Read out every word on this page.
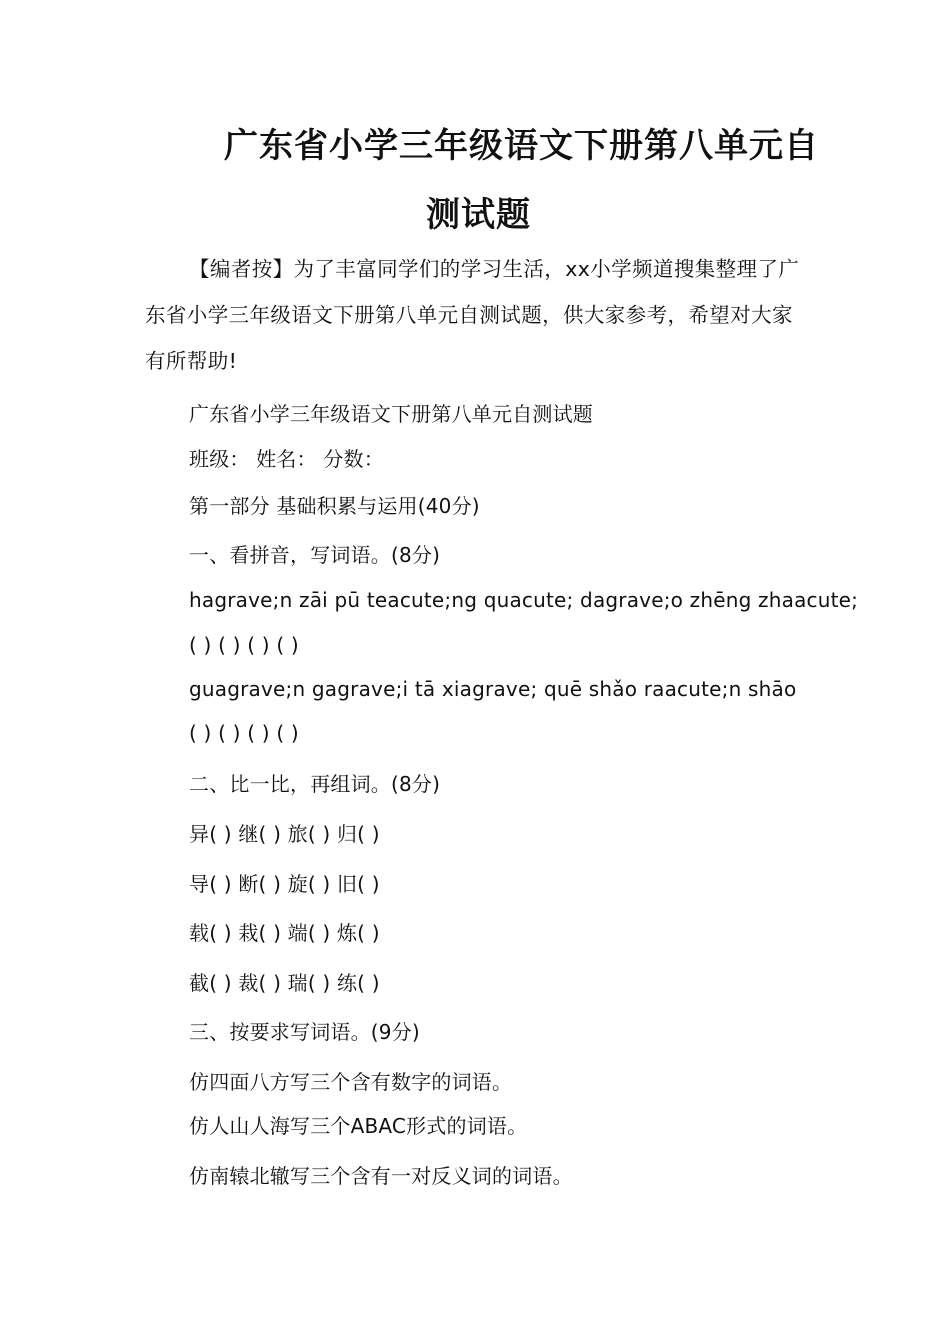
广东省小学三年级语文下册第八单元自
测试题
【编者按】为了丰富同学们的学习生活，xx小学频道搜集整理了广东省小学三年级语文下册第八单元自测试题，供大家参考，希望对大家有所帮助!
广东省小学三年级语文下册第八单元自测试题
班级： 姓名： 分数：
第一部分 基础积累与运用(40分)
一、看拼音，写词语。(8分)
hagrave;n zāi pū teacute;ng quacute; dagrave;o zhēng zhaacute;
( ) ( ) ( ) ( )
guagrave;n gagrave;i tā xiagrave; quē shǎo raacute;n shāo
( ) ( ) ( ) ( )
二、比一比，再组词。(8分)
异( ) 继( ) 旅( ) 归( )
导( ) 断( ) 旋( ) 旧( )
载( ) 栽( ) 端( ) 炼( )
截( ) 裁( ) 瑞( ) 练( )
三、按要求写词语。(9分)
仿四面八方写三个含有数字的词语。
仿人山人海写三个ABAC形式的词语。
仿南辕北辙写三个含有一对反义词的词语。
